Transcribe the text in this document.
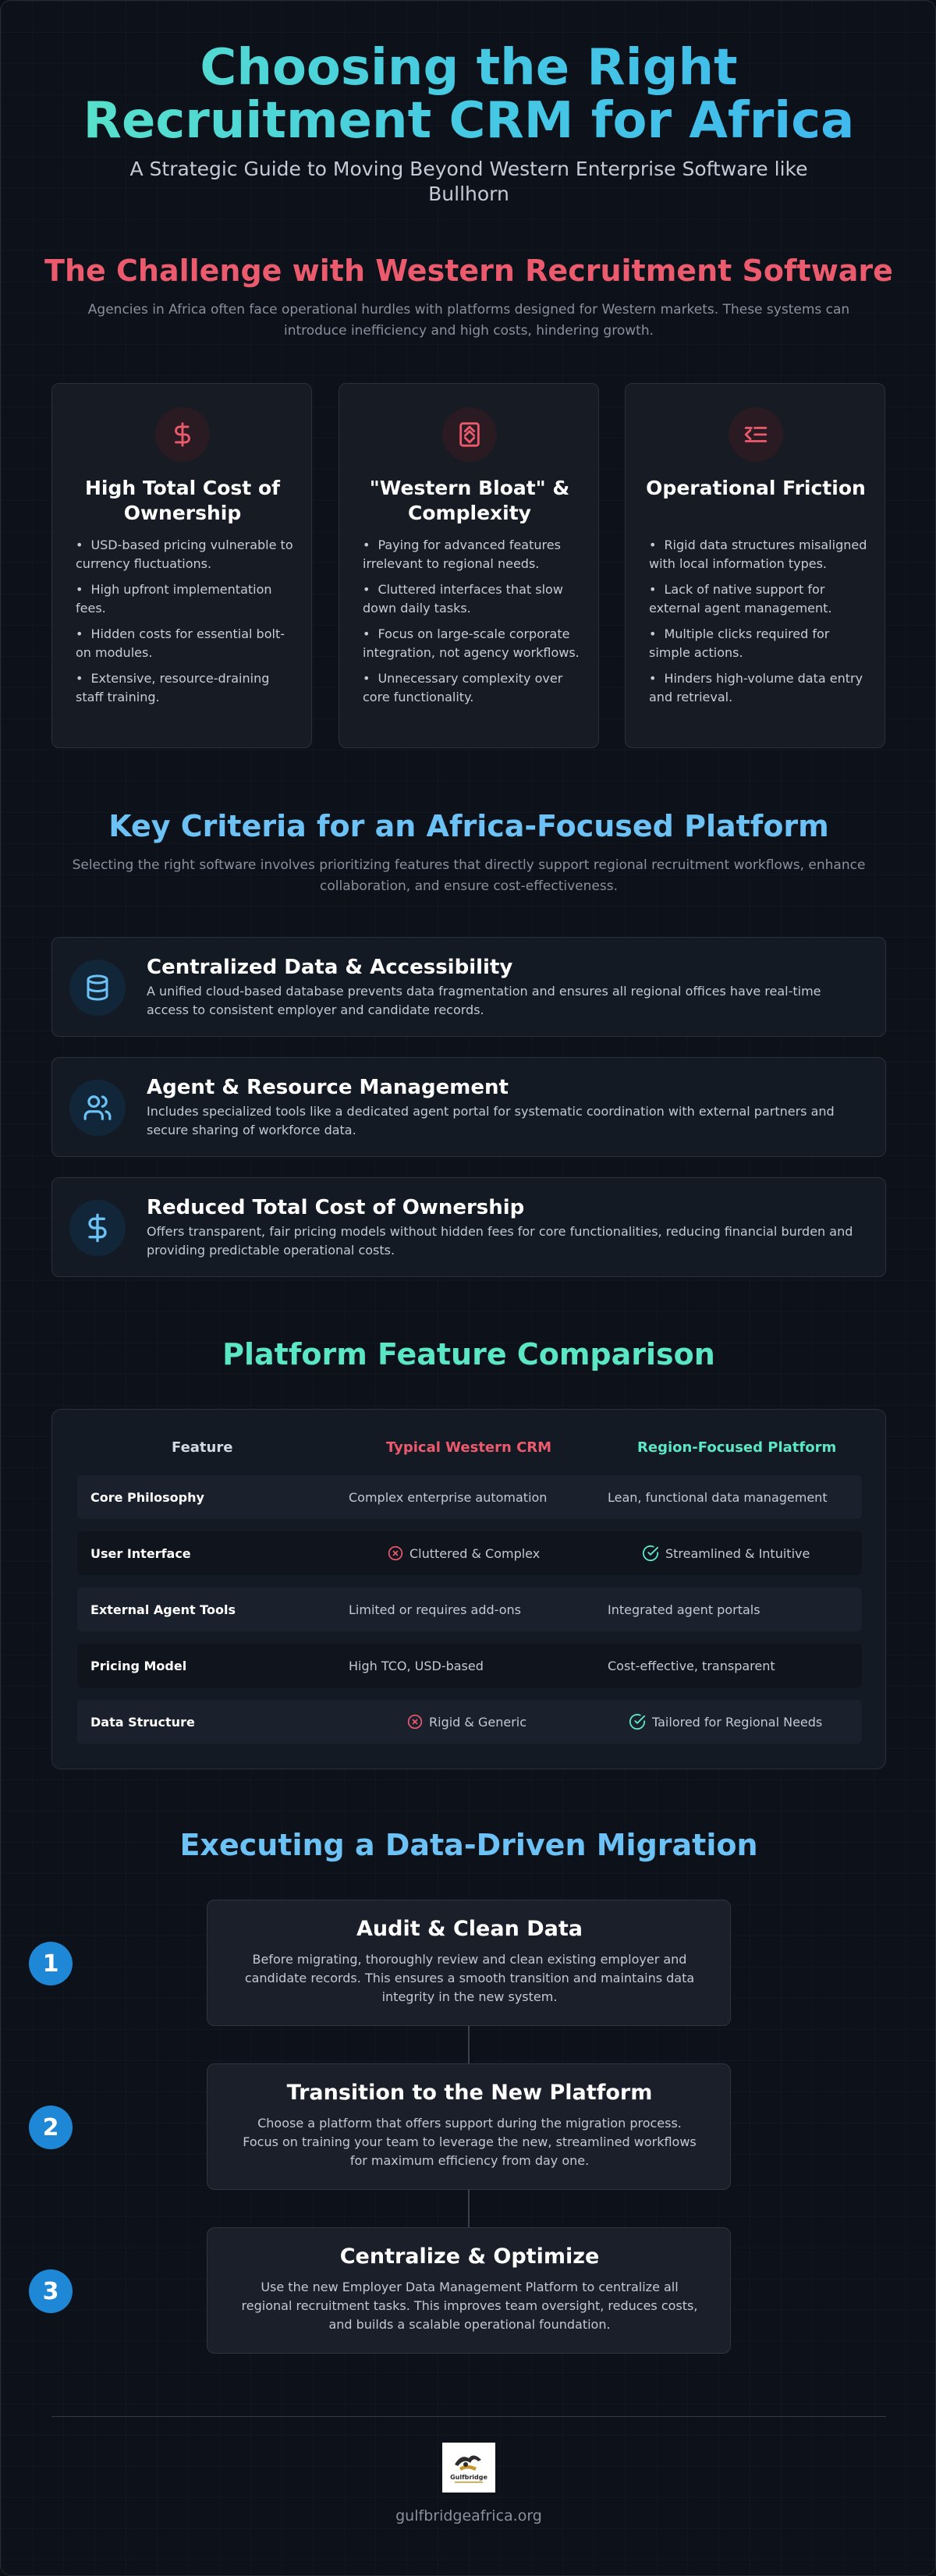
Choosing the Right
Recruitment CRM for Africa

A Strategic Guide to Moving Beyond Western Enterprise Software like Bullhorn

The Challenge with Western Recruitment Software

Agencies in Africa often face operational hurdles with platforms designed for Western markets. These systems can introduce inefficiency and high costs, hindering growth.

High Total Cost of Ownership
• USD-based pricing vulnerable to currency fluctuations.
• High upfront implementation fees.
• Hidden costs for essential bolt-on modules.
• Extensive, resource-draining staff training.
"Western Bloat" & Complexity
• Paying for advanced features irrelevant to regional needs.
• Cluttered interfaces that slow down daily tasks.
• Focus on large-scale corporate integration, not agency workflows.
• Unnecessary complexity over core functionality.
Operational Friction
• Rigid data structures misaligned with local information types.
• Lack of native support for external agent management.
• Multiple clicks required for simple actions.
• Hinders high-volume data entry and retrieval.
Key Criteria for an Africa-Focused Platform

Selecting the right software involves prioritizing features that directly support regional recruitment workflows, enhance collaboration, and ensure cost-effectiveness.

Centralized Data & Accessibility

A unified cloud-based database prevents data fragmentation and ensures all regional offices have real-time access to consistent employer and candidate records.

Agent & Resource Management

Includes specialized tools like a dedicated agent portal for systematic coordination with external partners and secure sharing of workforce data.

Reduced Total Cost of Ownership

Offers transparent, fair pricing models without hidden fees for core functionalities, reducing financial burden and providing predictable operational costs.

Platform Feature Comparison
Feature	Typical Western CRM	Region-Focused Platform
Core Philosophy	Complex enterprise automation	Lean, functional data management
User Interface	Cluttered & Complex	Streamlined & Intuitive
External Agent Tools	Limited or requires add-ons	Integrated agent portals
Pricing Model	High TCO, USD-based	Cost-effective, transparent
Data Structure	Rigid & Generic	Tailored for Regional Needs
Executing a Data-Driven Migration
1
Audit & Clean Data

Before migrating, thoroughly review and clean existing employer and candidate records. This ensures a smooth transition and maintains data integrity in the new system.

2
Transition to the New Platform

Choose a platform that offers support during the migration process. Focus on training your team to leverage the new, streamlined workflows for maximum efficiency from day one.

3
Centralize & Optimize

Use the new Employer Data Management Platform to centralize all regional recruitment tasks. This improves team oversight, reduces costs, and builds a scalable operational foundation.

Gulfbridge
gulfbridgeafrica.org
